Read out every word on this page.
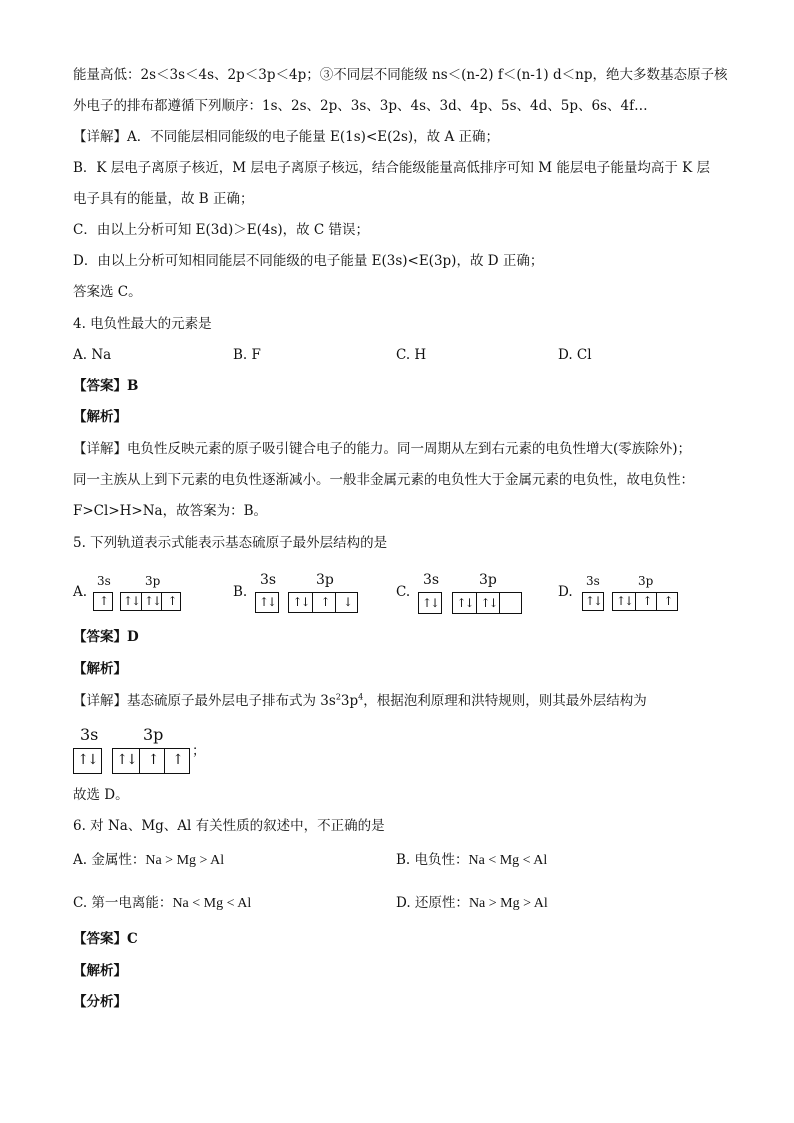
能量高低：2s＜3s＜4s、2p＜3p＜4p；③不同层不同能级 ns＜(n-2) f＜(n-1) d＜np，绝大多数基态原子核
外电子的排布都遵循下列顺序：1s、2s、2p、3s、3p、4s、3d、4p、5s、4d、5p、6s、4f…
【详解】A．不同能层相同能级的电子能量 E(1s)<E(2s)，故 A 正确；
B．K 层电子离原子核近，M 层电子离原子核远，结合能级能量高低排序可知 M 能层电子能量均高于 K 层
电子具有的能量，故 B 正确；
C．由以上分析可知 E(3d)＞E(4s)，故 C 错误；
D．由以上分析可知相同能层不同能级的电子能量 E(3s)<E(3p)，故 D 正确；
答案选 C。
4. 电负性最大的元素是
A. Na	B. F	C. H	D. Cl
【答案】B
【解析】
【详解】电负性反映元素的原子吸引键合电子的能力。同一周期从左到右元素的电负性增大(零族除外)；
同一主族从上到下元素的电负性逐渐减小。一般非金属元素的电负性大于金属元素的电负性，故电负性：
F>Cl>H>Na，故答案为：B。
5. 下列轨道表示式能表示基态硫原子最外层结构的是
A.
3s	3p
↑	↑↓ ↑↓ ↑
B.
3s	3p
↑↓ ↑↓ ↑	↓
C.
3s	3p
↑↓ ↑↓ ↑↓
D.
3s	3p
↑↓ ↑↓ ↑	↑
【答案】D
【解析】
【详解】基态硫原子最外层电子排布式为 $3s^23p^4$，根据泡利原理和洪特规则，则其最外层结构为
3s	3p
↑↓ ↑↓ ↑	↑
；
故选 D。
6. 对 Na、Mg、Al 有关性质的叙述中，不正确的是
A. 金属性：Na > Mg > Al	B. 电负性：Na < Mg < Al
C. 第一电离能：Na < Mg < Al	D. 还原性：Na > Mg > Al
【答案】C
【解析】
【分析】
